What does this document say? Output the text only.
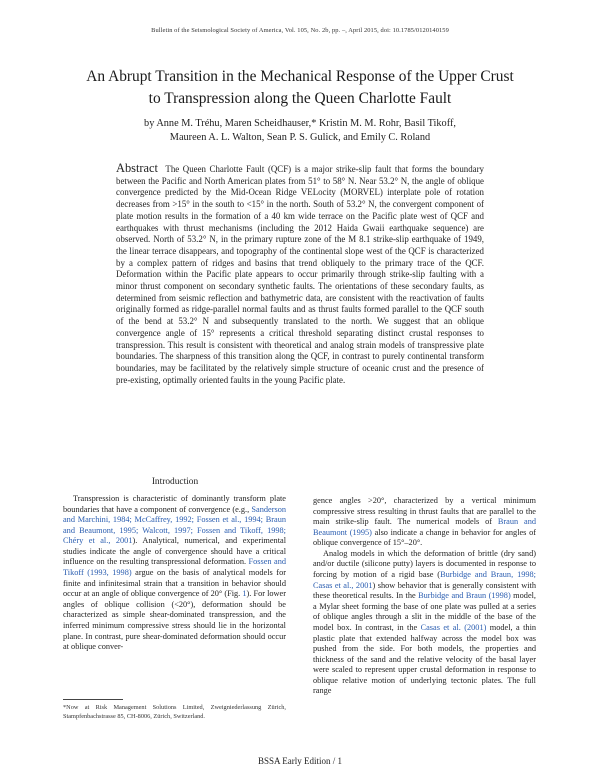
Bulletin of the Seismological Society of America, Vol. 105, No. 2b, pp. –, April 2015, doi: 10.1785/0120140159
An Abrupt Transition in the Mechanical Response of the Upper Crust
to Transpression along the Queen Charlotte Fault
by Anne M. Tréhu, Maren Scheidhauser,* Kristin M. M. Rohr, Basil Tikoff,
Maureen A. L. Walton, Sean P. S. Gulick, and Emily C. Roland
Abstract The Queen Charlotte Fault (QCF) is a major strike-slip fault that forms the boundary between the Pacific and North American plates from 51° to 58° N. Near 53.2° N, the angle of oblique convergence predicted by the Mid-Ocean Ridge VELocity (MORVEL) interplate pole of rotation decreases from >15° in the south to <15° in the north. South of 53.2° N, the convergent component of plate motion results in the formation of a 40 km wide terrace on the Pacific plate west of QCF and earthquakes with thrust mechanisms (including the 2012 Haida Gwaii earthquake sequence) are observed. North of 53.2° N, in the primary rupture zone of the M 8.1 strike-slip earthquake of 1949, the linear terrace disappears, and topography of the continental slope west of the QCF is characterized by a complex pattern of ridges and basins that trend obliquely to the primary trace of the QCF. Deformation within the Pacific plate appears to occur primarily through strike-slip faulting with a minor thrust component on secondary synthetic faults. The orientations of these secondary faults, as determined from seismic reflection and bathymetric data, are consistent with the reactivation of faults originally formed as ridge-parallel normal faults and as thrust faults formed parallel to the QCF south of the bend at 53.2° N and subsequently translated to the north. We suggest that an oblique convergence angle of 15° represents a critical threshold separating distinct crustal responses to transpression. This result is consistent with theoretical and analog strain models of transpressive plate boundaries. The sharpness of this transition along the QCF, in contrast to purely continental transform boundaries, may be facilitated by the relatively simple structure of oceanic crust and the presence of pre-existing, optimally oriented faults in the young Pacific plate.
Introduction

Transpression is characteristic of dominantly transform plate boundaries that have a component of convergence (e.g., Sanderson and Marchini, 1984; McCaffrey, 1992; Fossen et al., 1994; Braun and Beaumont, 1995; Walcott, 1997; Fossen and Tikoff, 1998; Chéry et al., 2001). Analytical, numerical, and experimental studies indicate the angle of convergence should have a critical influence on the resulting transpressional deformation. Fossen and Tikoff (1993, 1998) argue on the basis of analytical models for finite and infinitesimal strain that a transition in behavior should occur at an angle of oblique convergence of 20° (Fig. 1). For lower angles of oblique collision (<20°), deformation should be characterized as simple shear-dominated transpression, and the inferred minimum compressive stress should lie in the horizontal plane. In contrast, pure shear-dominated deformation should occur at oblique conver-

gence angles >20°, characterized by a vertical minimum compressive stress resulting in thrust faults that are parallel to the main strike-slip fault. The numerical models of Braun and Beaumont (1995) also indicate a change in behavior for angles of oblique convergence of 15°–20°.

Analog models in which the deformation of brittle (dry sand) and/or ductile (silicone putty) layers is documented in response to forcing by motion of a rigid base (Burbidge and Braun, 1998; Casas et al., 2001) show behavior that is generally consistent with these theoretical results. In the Burbidge and Braun (1998) model, a Mylar sheet forming the base of one plate was pulled at a series of oblique angles through a slit in the middle of the base of the model box. In contrast, in the Casas et al. (2001) model, a thin plastic plate that extended halfway across the model box was pushed from the side. For both models, the properties and thickness of the sand and the relative velocity of the basal layer were scaled to represent upper crustal deformation in response to oblique relative motion of underlying tectonic plates. The full range

*Now at Risk Management Solutions Limited, Zweigniederlassung Zürich, Stampfenbachstrasse 85, CH-8006, Zürich, Switzerland.
BSSA Early Edition / 1
